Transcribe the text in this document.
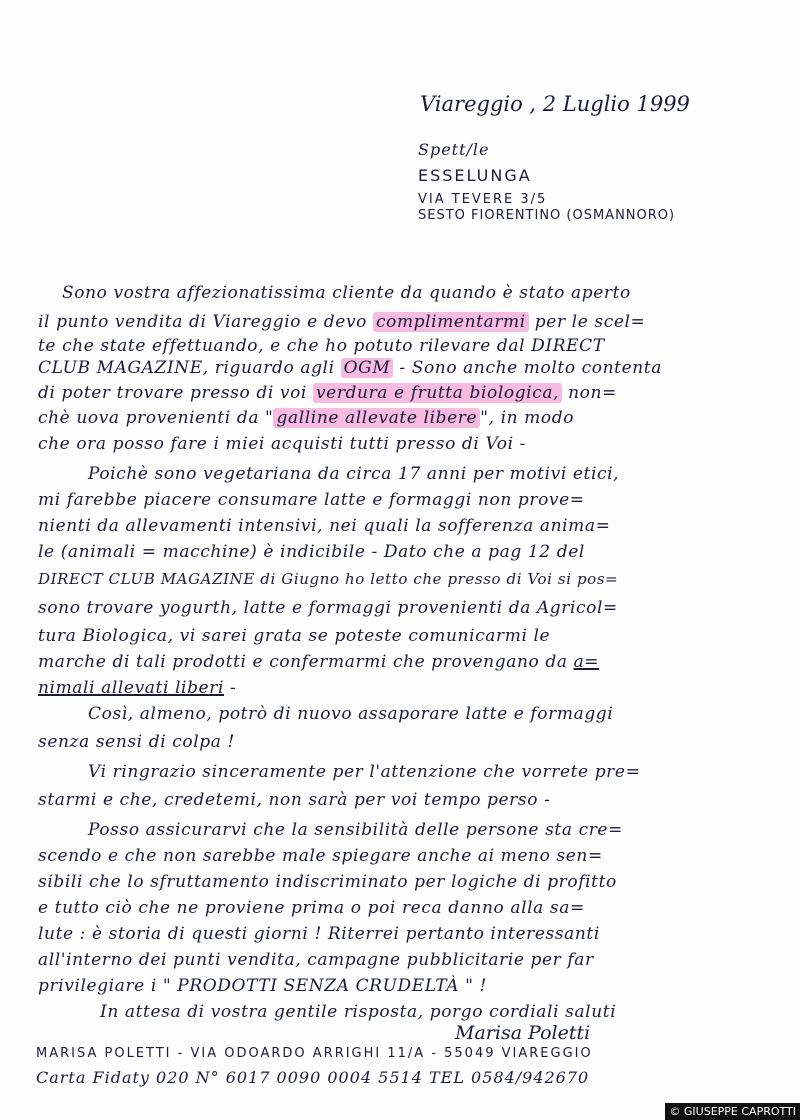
Viareggio , 2 Luglio 1999
Spett/le
ESSELUNGA
VIA TEVERE 3/5
SESTO FIORENTINO (OSMANNORO)
Sono vostra affezionatissima cliente da quando è stato aperto
il punto vendita di Viareggio e devo complimentarmi per le scel=
te che state effettuando, e che ho potuto rilevare dal DIRECT
CLUB MAGAZINE, riguardo agli OGM - Sono anche molto contenta
di poter trovare presso di voi verdura e frutta biologica, non=
chè uova provenienti da " galline allevate libere ", in modo
che ora posso fare i miei acquisti tutti presso di Voi -
Poichè sono vegetariana da circa 17 anni per motivi etici,
mi farebbe piacere consumare latte e formaggi non prove=
nienti da allevamenti intensivi, nei quali la sofferenza anima=
le (animali = macchine) è indicibile - Dato che a pag 12 del
DIRECT CLUB MAGAZINE di Giugno ho letto che presso di Voi si pos=
sono trovare yogurth, latte e formaggi provenienti da Agricol=
tura Biologica, vi sarei grata se poteste comunicarmi le
marche di tali prodotti e confermarmi che provengano da a=
nimali allevati liberi -
Così, almeno, potrò di nuovo assaporare latte e formaggi
senza sensi di colpa !
Vi ringrazio sinceramente per l'attenzione che vorrete pre=
starmi e che, credetemi, non sarà per voi tempo perso -
Posso assicurarvi che la sensibilità delle persone sta cre=
scendo e che non sarebbe male spiegare anche ai meno sen=
sibili che lo sfruttamento indiscriminato per logiche di profitto
e tutto ciò che ne proviene prima o poi reca danno alla sa=
lute : è storia di questi giorni ! Riterrei pertanto interessanti
all'interno dei punti vendita, campagne pubblicitarie per far
privilegiare i " PRODOTTI SENZA CRUDELTÀ " !
In attesa di vostra gentile risposta, porgo cordiali saluti
Marisa Poletti
MARISA POLETTI - VIA ODOARDO ARRIGHI 11/A - 55049 VIAREGGIO
Carta Fidaty 020 N° 6017 0090 0004 5514 TEL 0584/942670
© GIUSEPPE CAPROTTI
